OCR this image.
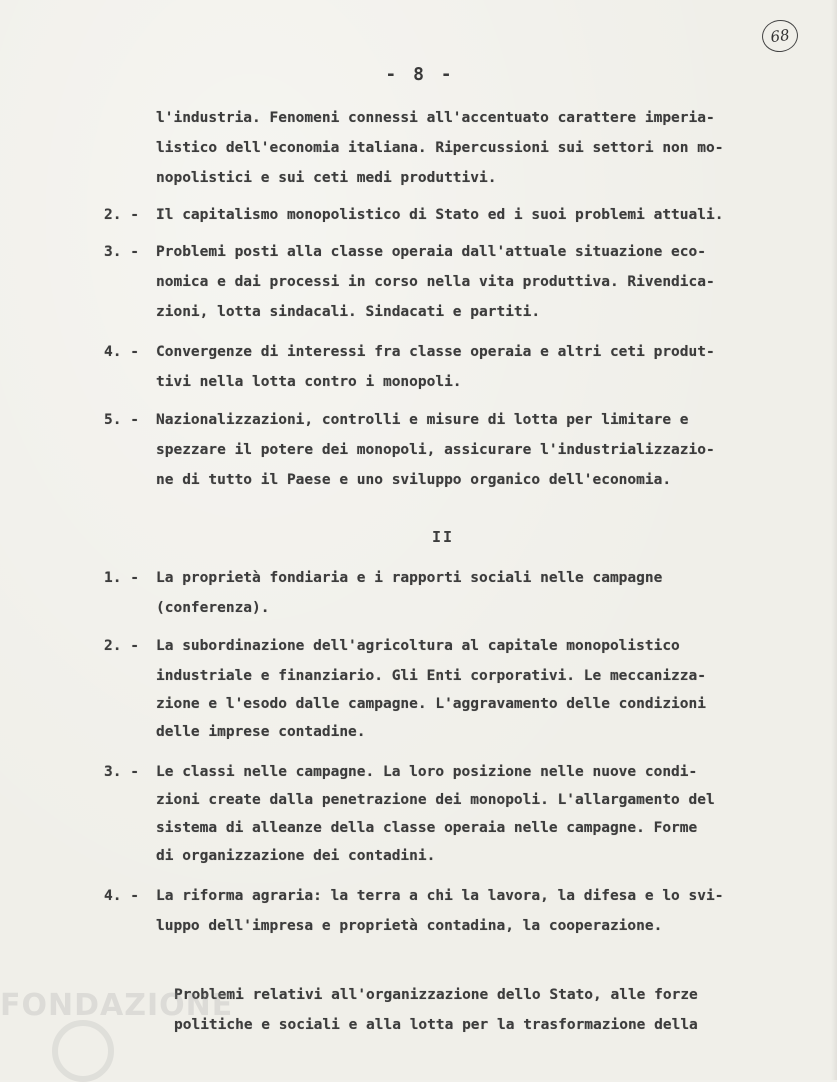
68
- 8 -
l'industria. Fenomeni connessi all'accentuato carattere imperia-
listico dell'economia italiana. Ripercussioni sui settori non mo-
nopolistici e sui ceti medi produttivi.
2. -	Il capitalismo monopolistico di Stato ed i suoi problemi attuali.
3. -	Problemi posti alla classe operaia dall'attuale situazione eco-
nomica e dai processi in corso nella vita produttiva. Rivendica-
zioni, lotta sindacali. Sindacati e partiti.
4. -	Convergenze di interessi fra classe operaia e altri ceti produt-
tivi nella lotta contro i monopoli.
5. -	Nazionalizzazioni, controlli e misure di lotta per limitare e
spezzare il potere dei monopoli, assicurare l'industrializzazio-
ne di tutto il Paese e uno sviluppo organico dell'economia.
II
1. -	La proprietà fondiaria e i rapporti sociali nelle campagne
(conferenza).
2. -	La subordinazione dell'agricoltura al capitale monopolistico
industriale e finanziario. Gli Enti corporativi. Le meccanizza-
zione e l'esodo dalle campagne. L'aggravamento delle condizioni
delle imprese contadine.
3. -	Le classi nelle campagne. La loro posizione nelle nuove condi-
zioni create dalla penetrazione dei monopoli. L'allargamento del
sistema di alleanze della classe operaia nelle campagne. Forme
di organizzazione dei contadini.
4. -	La riforma agraria: la terra a chi la lavora, la difesa e lo svi-
luppo dell'impresa e proprietà contadina, la cooperazione.
Problemi relativi all'organizzazione dello Stato, alle forze
politiche e sociali e alla lotta per la trasformazione della
FONDAZIONE
